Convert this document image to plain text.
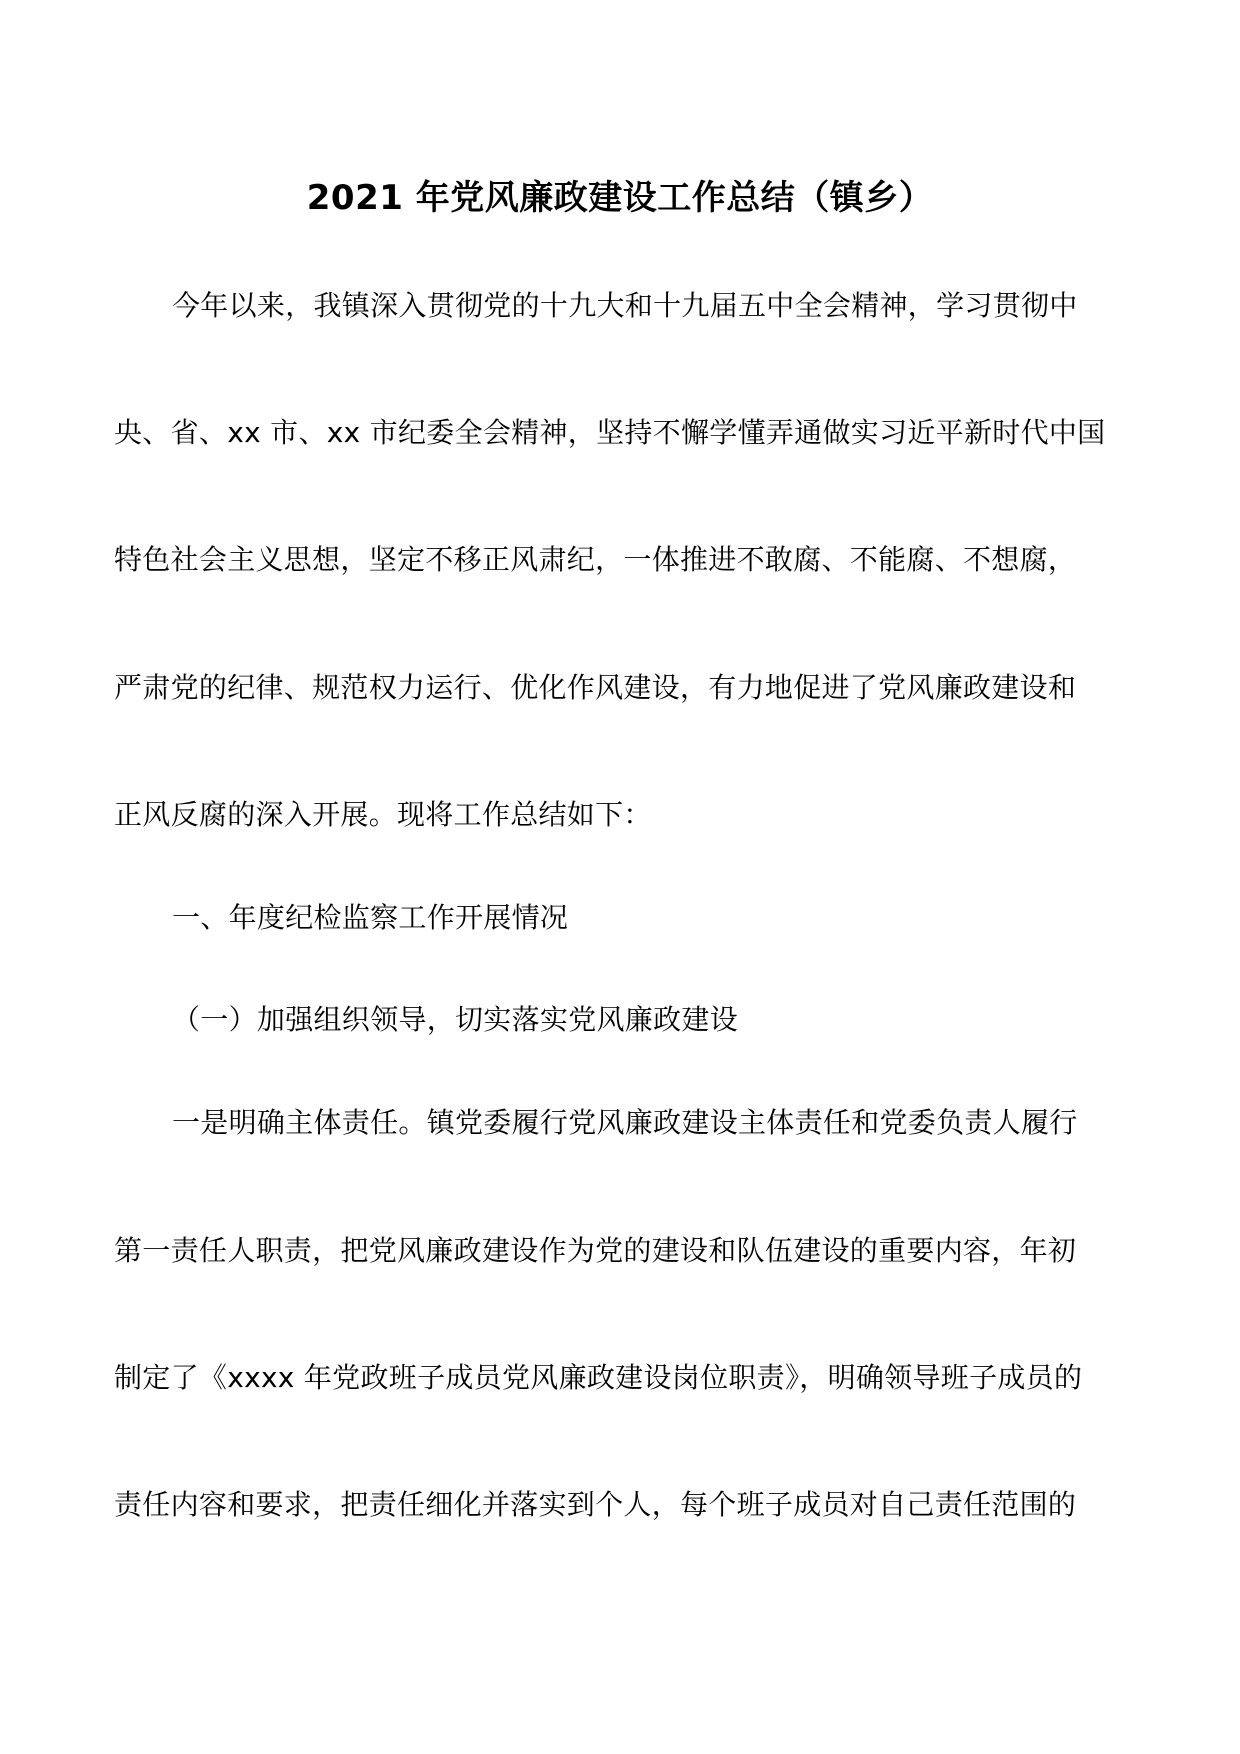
2021 年党风廉政建设工作总结（镇乡）
今年以来，我镇深入贯彻党的十九大和十九届五中全会精神，学习贯彻中
央、省、xx 市、xx 市纪委全会精神，坚持不懈学懂弄通做实习近平新时代中国
特色社会主义思想，坚定不移正风肃纪，一体推进不敢腐、不能腐、不想腐，
严肃党的纪律、规范权力运行、优化作风建设，有力地促进了党风廉政建设和
正风反腐的深入开展。现将工作总结如下：
一、年度纪检监察工作开展情况
（一）加强组织领导，切实落实党风廉政建设
一是明确主体责任。镇党委履行党风廉政建设主体责任和党委负责人履行
第一责任人职责，把党风廉政建设作为党的建设和队伍建设的重要内容，年初
制定了《xxxx 年党政班子成员党风廉政建设岗位职责》，明确领导班子成员的
责任内容和要求，把责任细化并落实到个人，每个班子成员对自己责任范围的
